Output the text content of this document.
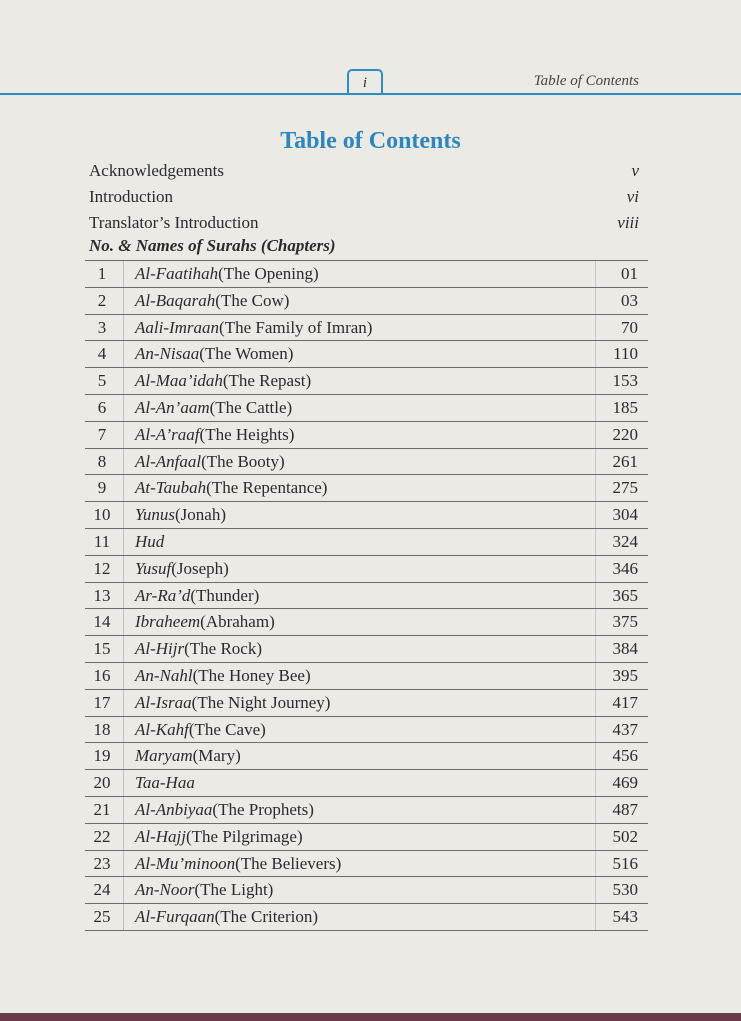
i	Table of Contents
Table of Contents
Acknowledgements	v
Introduction	vi
Translator’s Introduction	viii
No. & Names of Surahs (Chapters)
1	Al-Faatihah(The Opening)	01
2	Al-Baqarah(The Cow)	03
3	Aali-Imraan(The Family of Imran)	70
4	An-Nisaa(The Women)	110
5	Al-Maa’idah(The Repast)	153
6	Al-An’aam(The Cattle)	185
7	Al-A’raaf(The Heights)	220
8	Al-Anfaal(The Booty)	261
9	At-Taubah(The Repentance)	275
10	Yunus(Jonah)	304
11	Hud	324
12	Yusuf(Joseph)	346
13	Ar-Ra’d(Thunder)	365
14	Ibraheem(Abraham)	375
15	Al-Hijr(The Rock)	384
16	An-Nahl(The Honey Bee)	395
17	Al-Israa(The Night Journey)	417
18	Al-Kahf(The Cave)	437
19	Maryam(Mary)	456
20	Taa-Haa	469
21	Al-Anbiyaa(The Prophets)	487
22	Al-Hajj(The Pilgrimage)	502
23	Al-Mu’minoon(The Believers)	516
24	An-Noor(The Light)	530
25	Al-Furqaan(The Criterion)	543
